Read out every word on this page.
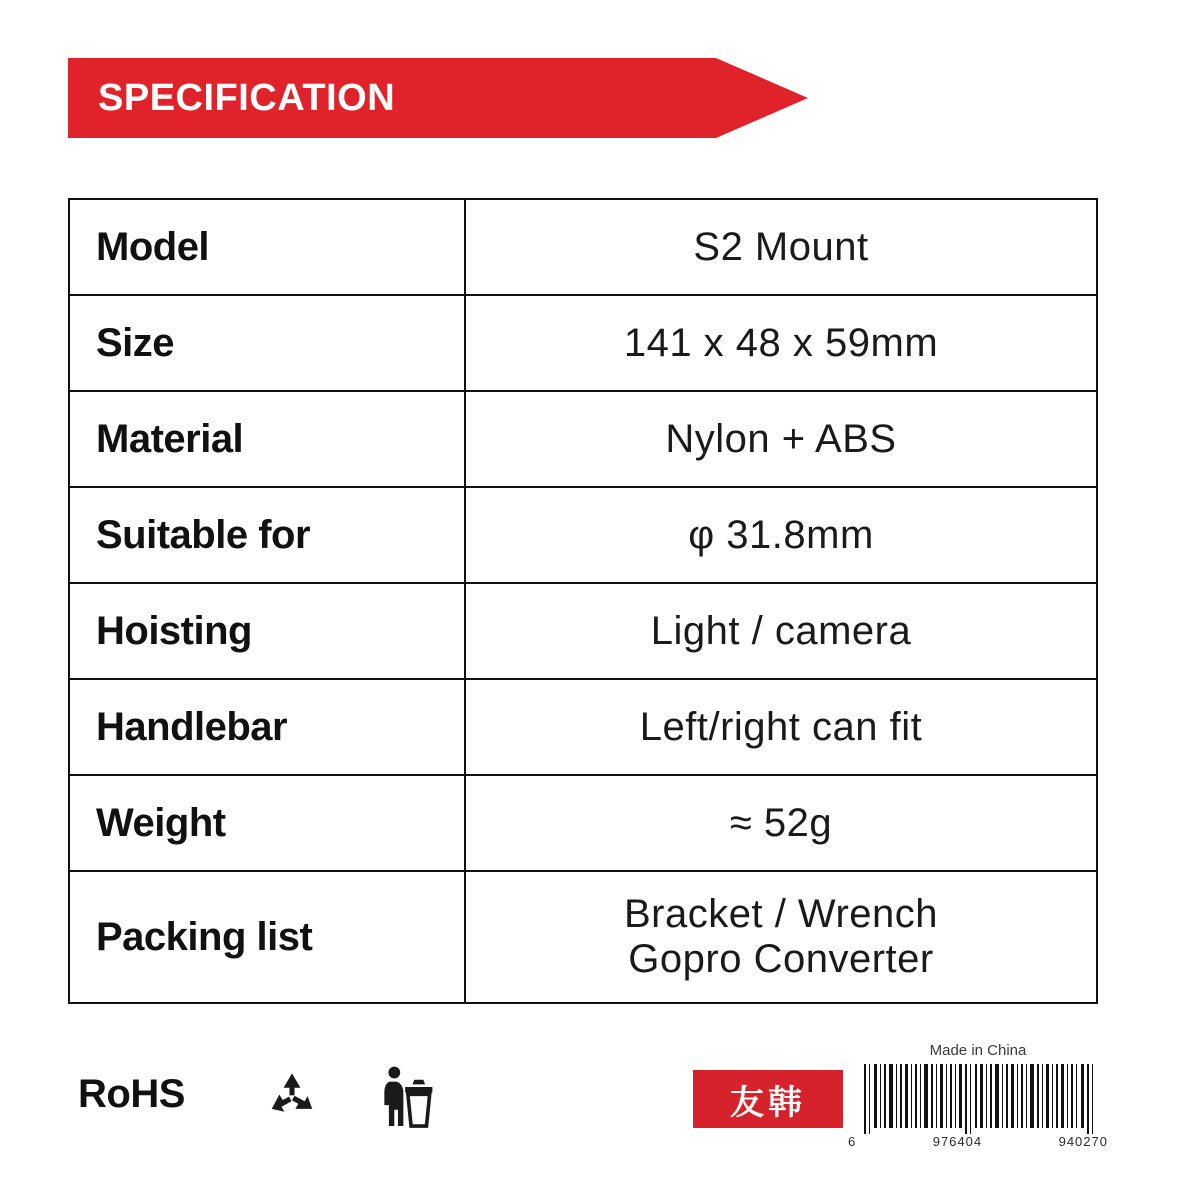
SPECIFICATION
Model	S2 Mount
Size	141 x 48 x 59mm
Material	Nylon + ABS
Suitable for	φ 31.8mm
Hoisting	Light / camera
Handlebar	Left/right can fit
Weight	≈ 52g
Packing list	Bracket / Wrench
Gopro Converter
RoHS	友韩
Made in China
6	976404	940270
